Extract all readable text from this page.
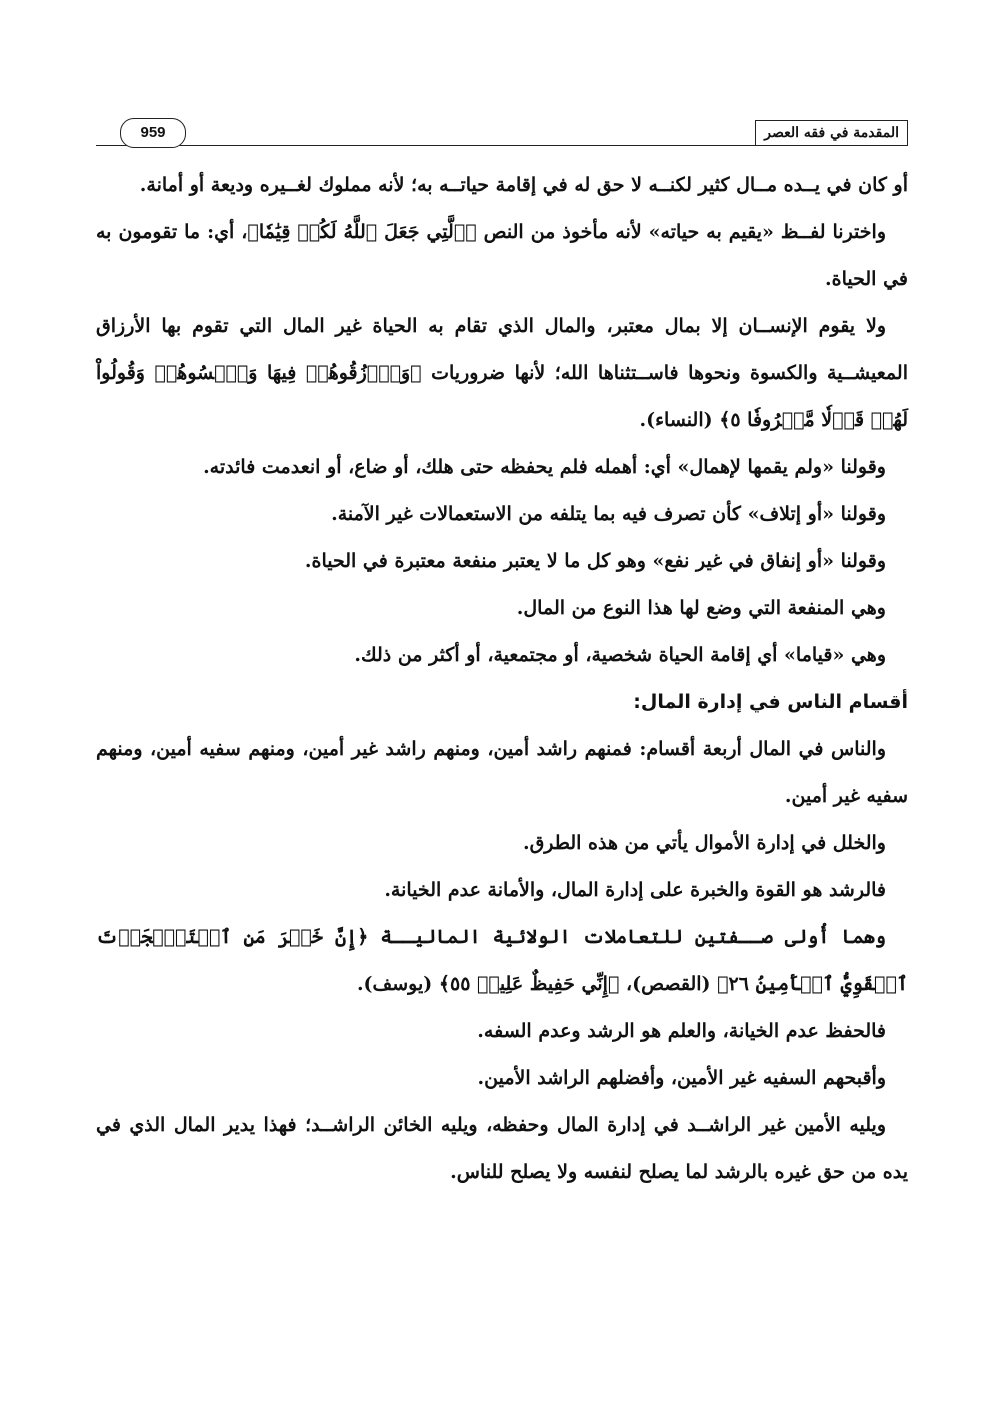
959	المقدمة في فقه العصر

أو كان في يــده مــال كثير لكنــه لا حق له في إقامة حياتــه به؛ لأنه مملوك لغــيره وديعة أو أمانة.

واخترنا لفــظ «يقيم به حياته» لأنه مأخوذ من النص ﴿ٱلَّتِي جَعَلَ ٱللَّهُ لَكُمۡ قِيَٰمٗا﴾، أي: ما تقومون به في الحياة.

ولا يقوم الإنســان إلا بمال معتبر، والمال الذي تقام به الحياة غير المال التي تقوم بها الأرزاق المعيشــية والكسوة ونحوها فاســتثناها الله؛ لأنها ضروريات ﴿وَٱرۡزُقُوهُمۡ فِيهَا وَٱكۡسُوهُمۡ وَقُولُواْ لَهُمۡ قَوۡلٗا مَّعۡرُوفٗا ٥﴾ (النساء).

وقولنا «ولم يقمها لإهمال» أي: أهمله فلم يحفظه حتى هلك، أو ضاع، أو انعدمت فائدته.

وقولنا «أو إتلاف» كأن تصرف فيه بما يتلفه من الاستعمالات غير الآمنة.

وقولنا «أو إنفاق في غير نفع» وهو كل ما لا يعتبر منفعة معتبرة في الحياة.

وهي المنفعة التي وضع لها هذا النوع من المال.

وهي «قياما» أي إقامة الحياة شخصية، أو مجتمعية، أو أكثر من ذلك.

أقسام الناس في إدارة المال:

والناس في المال أربعة أقسام: فمنهم راشد أمين، ومنهم راشد غير أمين، ومنهم سفيه أمين، ومنهم سفيه غير أمين.

والخلل في إدارة الأموال يأتي من هذه الطرق.

فالرشد هو القوة والخبرة على إدارة المال، والأمانة عدم الخيانة.

وهما أُولى صــفتين للتعاملات الولائية الماليــة ﴿إِنَّ خَيۡرَ مَنِ ٱسۡتَـٔۡجَرۡتَ ٱلۡقَوِيُّ ٱلۡأَمِينُ ٢٦﴾ (القصص)، ﴿إِنِّي حَفِيظٌ عَلِيمٞ ٥٥﴾ (يوسف).

فالحفظ عدم الخيانة، والعلم هو الرشد وعدم السفه.

وأقبحهم السفيه غير الأمين، وأفضلهم الراشد الأمين.

ويليه الأمين غير الراشــد في إدارة المال وحفظه، ويليه الخائن الراشــد؛ فهذا يدير المال الذي في يده من حق غيره بالرشد لما يصلح لنفسه ولا يصلح للناس.
